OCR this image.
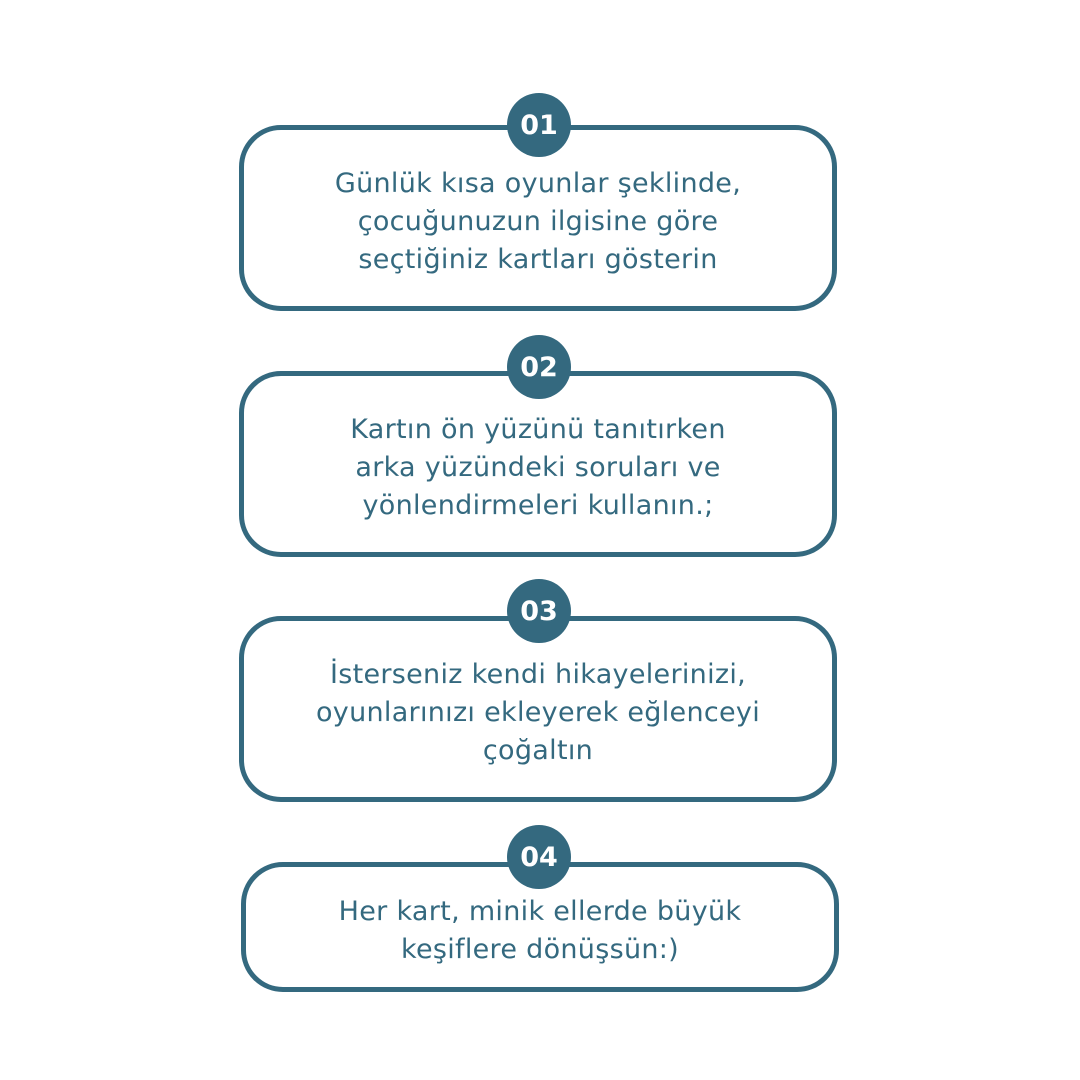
Günlük kısa oyunlar şeklinde,
çocuğunuzun ilgisine göre
seçtiğiniz kartları gösterin
01
Kartın ön yüzünü tanıtırken
arka yüzündeki soruları ve
yönlendirmeleri kullanın.;
02
İsterseniz kendi hikayelerinizi,
oyunlarınızı ekleyerek eğlenceyi
çoğaltın
03
Her kart, minik ellerde büyük
keşiflere dönüşsün:)
04
